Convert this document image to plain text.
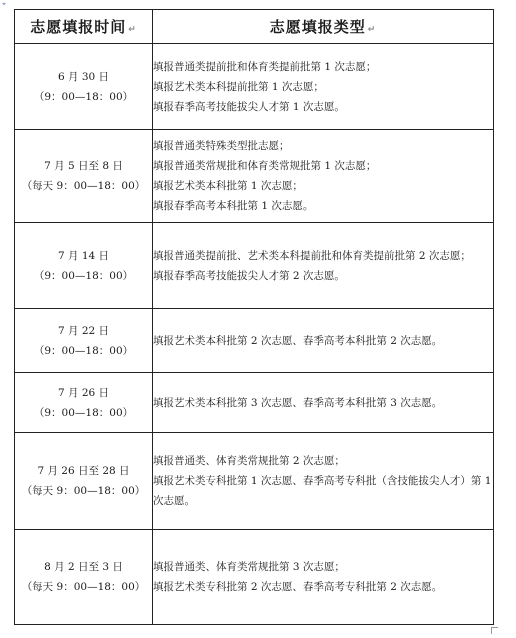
⌖
志愿填报时间 ↵	志愿填报类型 ↵

6 月 30 日
（9：00—18：00）	填报普通类提前批和体育类提前批第 1 次志愿；
填报艺术类本科提前批第 1 次志愿；
填报春季高考技能拔尖人才第 1 次志愿。

7 月 5 日至 8 日
（每天 9：00—18：00）	填报普通类特殊类型批志愿；
填报普通类常规批和体育类常规批第 1 次志愿；
填报艺术类本科批第 1 次志愿；
填报春季高考本科批第 1 次志愿。

7 月 14 日
（9：00—18：00）	填报普通类提前批、艺术类本科提前批和体育类提前批第 2 次志愿；
填报春季高考技能拔尖人才第 2 次志愿。

7 月 22 日
（9：00—18：00）	填报艺术类本科批第 2 次志愿、春季高考本科批第 2 次志愿。

7 月 26 日
（9：00—18：00）	填报艺术类本科批第 3 次志愿、春季高考本科批第 3 次志愿。

7 月 26 日至 28 日
（每天 9：00—18：00）	填报普通类、体育类常规批第 2 次志愿；
填报艺术类专科批第 1 次志愿、春季高考专科批（含技能拔尖人才）第 1 次志愿。

8 月 2 日至 3 日
（每天 9：00—18：00）	填报普通类、体育类常规批第 3 次志愿；
填报艺术类专科批第 2 次志愿、春季高考专科批第 2 次志愿。
